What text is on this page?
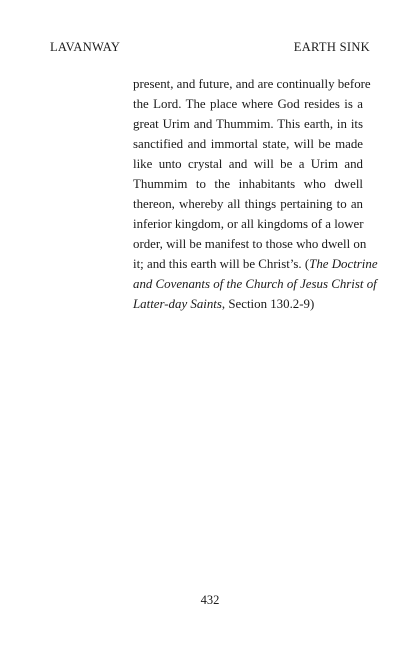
LAVANWAY	EARTH SINK
present, and future, and are continually before
the Lord. The place where God resides is a
great Urim and Thummim. This earth, in its
sanctified and immortal state, will be made
like unto crystal and will be a Urim and
Thummim to the inhabitants who dwell
thereon, whereby all things pertaining to an
inferior kingdom, or all kingdoms of a lower
order, will be manifest to those who dwell on
it; and this earth will be Christ’s. (The Doctrine
and Covenants of the Church of Jesus Christ of
Latter-day Saints, Section 130.2-9)
432
